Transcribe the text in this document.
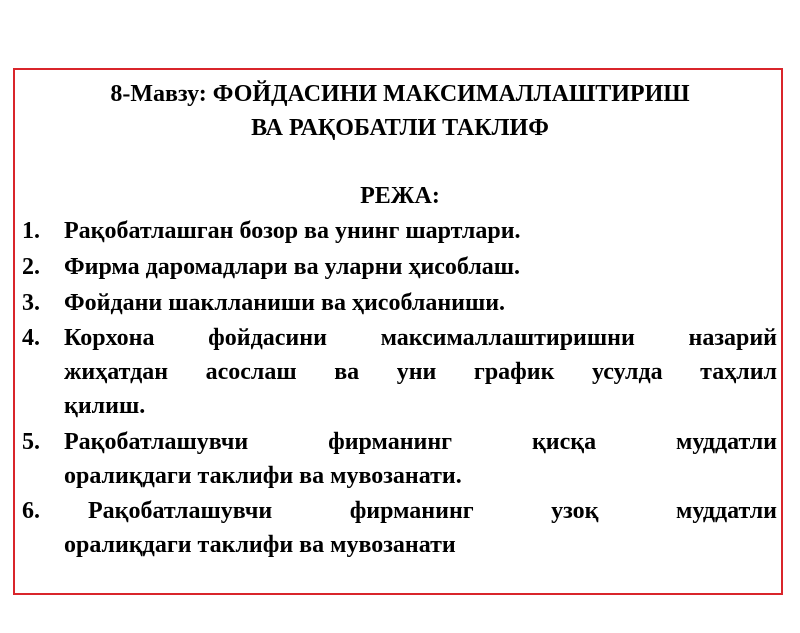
8-Мавзу: ФОЙДАСИНИ МАКСИМАЛЛАШТИРИШ
ВА РАҚОБАТЛИ ТАКЛИФ
РЕЖА:
1. Рақобатлашган бозор ва унинг шартлари.
2. Фирма даромадлари ва уларни ҳисоблаш.
3. Фойдани шаклланиши ва ҳисобланиши.
4. Корхона фойдасини максималлаштиришни назарий
жиҳатдан асослаш ва уни график усулда таҳлил
қилиш.
5. Рақобатлашувчи фирманинг қисқа муддатли
оралиқдаги таклифи ва мувозанати.
6.	Рақобатлашувчи фирманинг узоқ муддатли
оралиқдаги таклифи ва мувозанати
